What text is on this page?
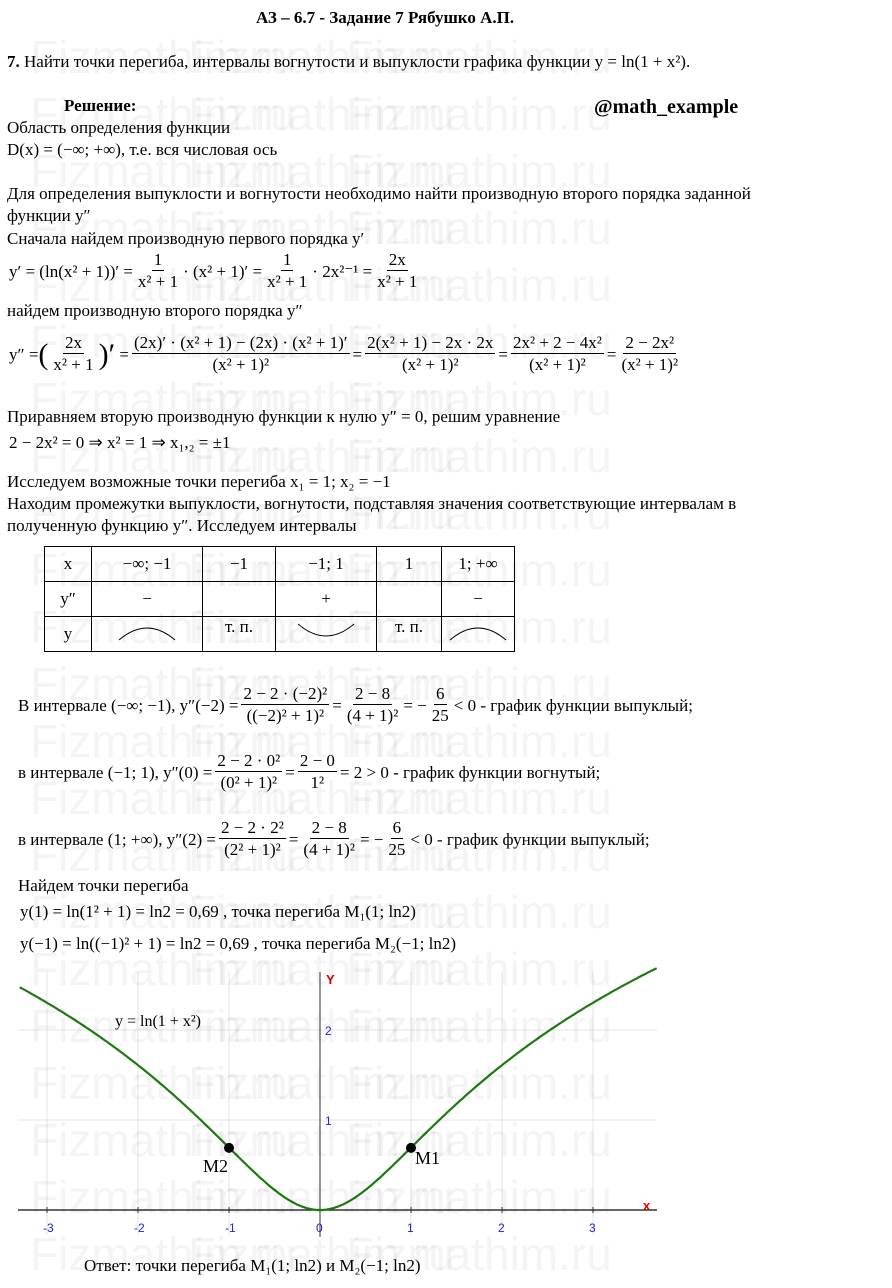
АЗ – 6.7 - Задание 7 Рябушко А.П.
7. Найти точки перегиба, интервалы вогнутости и выпуклости графика функции y = ln(1 + x²).
Решение:	@math_example
Область определения функции
D(x) = (−∞; +∞), т.е. вся числовая ось
Для определения выпуклости и вогнутости необходимо найти производную второго порядка заданной
функции y″
Сначала найдем производную первого порядка y′
$y' = (\ln(x^2 + 1))' = \frac{1}{\text{x² + 1}} \cdot (x^2 + 1)' = \frac{1}{\text{x² + 1}} \cdot 2x^{2-1} = \frac{2x}{\text{x² + 1}}$
найдем производную второго порядка y″
y″ = ( $\frac{2x}{\text{x² + 1}}$ )′ = $\frac{\text{(2x)′ · (x² + 1) − (2x) · (x² + 1)′}}{\text{(x² + 1)²}} = \frac{\text{2(x² + 1) − 2x · 2x}}{\text{(x² + 1)²}} = \frac{\text{2x² + 2 − 4x²}}{\text{(x² + 1)²}} = \frac{\text{2 − 2x²}}{\text{(x² + 1)²}}$
Приравняем вторую производную функции к нулю y″ = 0, решим уравнение
2 − 2x² = 0 ⇒ x² = 1 ⇒ x₁,₂ = ±1
Исследуем возможные точки перегиба x₁ = 1; x₂ = −1
Находим промежутки выпуклости, вогнутости, подставляя значения соответствующие интервалам в
полученную функцию y″. Исследуем интервалы
x	−∞; −1	−1	−1; 1	1	1; +∞
y″	−		+		−
y		т. п.		т. п.	
В интервале (−∞; −1), $y''(-2) = \frac{\text{2 − 2 · (−2)²}}{\text{((−2)² + 1)²}} = \frac{2 - 8}{\text{(4 + 1)²}}$ = − $\frac{6}{25} < 0$ - график функции выпуклый;
в интервале (−1; 1), $y''(0) = \frac{\text{2 − 2 · 0²}}{\text{(0² + 1)²}} = \frac{2 - 0}{\text{1²}} = 2 > 0$ - график функции вогнутый;
в интервале (1; +∞), $y''(2) = \frac{\text{2 − 2 · 2²}}{\text{(2² + 1)²}} = \frac{2 - 8}{\text{(4 + 1)²}}$ = − $\frac{6}{25} < 0$ - график функции выпуклый;
Найдем точки перегиба
y(1) = ln(1² + 1) = ln2 = 0,69 , точка перегиба M₁(1; ln2)
y(−1) = ln((−1)² + 1) = ln2 = 0,69 , точка перегиба M₂(−1; ln2)
-3	-2	-1	0	1	2	3
1
2
Y
x
y = ln(1 + x²)
M2	M1
Ответ: точки перегиба M₁(1; ln2) и M₂(−1; ln2)
